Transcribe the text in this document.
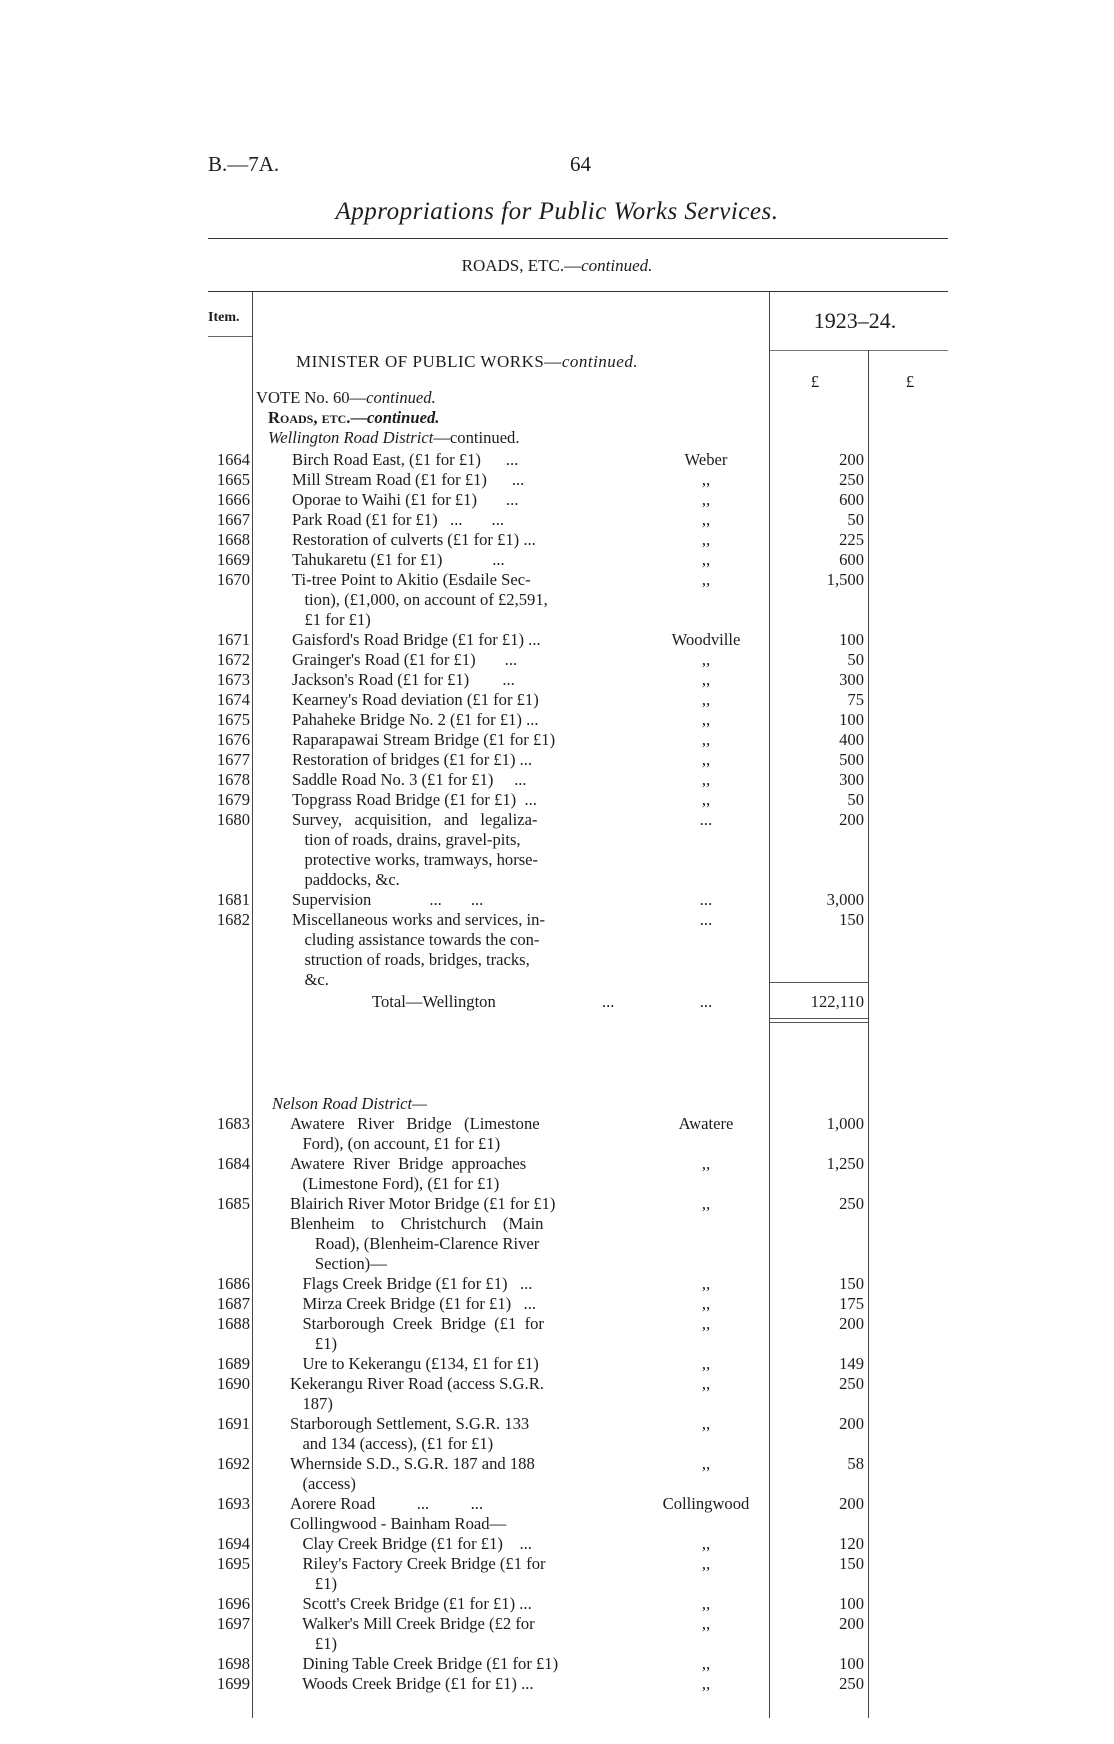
B.—7A.	64
Appropriations for Public Works Services.
ROADS, ETC.—continued.
Item.	1923–24.
£	£
MINISTER OF PUBLIC WORKS—continued.
VOTE No. 60—continued.
Roads, etc.—continued.
Wellington Road District—continued.
1664	Birch Road East, (£1 for £1)      ...	Weber	200
1665	Mill Stream Road (£1 for £1)      ...	,,	250
1666	Oporae to Waihi (£1 for £1)       ...	,,	600
1667	Park Road (£1 for £1)   ...       ...	,,	50
1668	Restoration of culverts (£1 for £1) ...	,,	225
1669	Tahukaretu (£1 for £1)            ...	,,	600
1670	Ti-tree Point to Akitio (Esdaile Sec-	,,	1,500
tion), (£1,000, on account of £2,591,
£1 for £1)
1671	Gaisford's Road Bridge (£1 for £1) ...	Woodville	100
1672	Grainger's Road (£1 for £1)       ...	,,	50
1673	Jackson's Road (£1 for £1)        ...	,,	300
1674	Kearney's Road deviation (£1 for £1)	,,	75
1675	Pahaheke Bridge No. 2 (£1 for £1) ...	,,	100
1676	Raparapawai Stream Bridge (£1 for £1)	,,	400
1677	Restoration of bridges (£1 for £1) ...	,,	500
1678	Saddle Road No. 3 (£1 for £1)     ...	,,	300
1679	Topgrass Road Bridge (£1 for £1)  ...	,,	50
1680	Survey,   acquisition,   and   legaliza-	...	200
tion of roads, drains, gravel-pits,
protective works, tramways, horse-
paddocks, &c.
1681	Supervision              ...       ...	...	3,000
1682	Miscellaneous works and services, in-	...	150
cluding assistance towards the con-
struction of roads, bridges, tracks,
&c.
Total—Wellington	...	...	122,110
Nelson Road District—
1683 Awatere   River   Bridge   (Limestone	Awatere	1,000
Ford), (on account, £1 for £1)
1684 Awatere  River  Bridge  approaches	,,	1,250
(Limestone Ford), (£1 for £1)
1685 Blairich River Motor Bridge (£1 for £1)	,,	250
Blenheim    to    Christchurch    (Main
Road), (Blenheim-Clarence River
Section)—
1686 Flags Creek Bridge (£1 for £1)   ...	,,	150
1687 Mirza Creek Bridge (£1 for £1)   ...	,,	175
1688 Starborough  Creek  Bridge  (£1  for	,,	200
£1)
1689 Ure to Kekerangu (£134, £1 for £1)	,,	149
1690 Kekerangu River Road (access S.G.R.	,,	250
187)
1691 Starborough Settlement, S.G.R. 133	,,	200
and 134 (access), (£1 for £1)
1692 Whernside S.D., S.G.R. 187 and 188	,,	58
(access)
1693 Aorere Road          ...          ...	Collingwood	200
Collingwood - Bainham Road—
1694 Clay Creek Bridge (£1 for £1)    ...	,,	120
1695 Riley's Factory Creek Bridge (£1 for	,,	150
£1)
1696 Scott's Creek Bridge (£1 for £1) ...	,,	100
1697 Walker's Mill Creek Bridge (£2 for	,,	200
£1)
1698 Dining Table Creek Bridge (£1 for £1)	,,	100
1699 Woods Creek Bridge (£1 for £1) ...	,,	250
